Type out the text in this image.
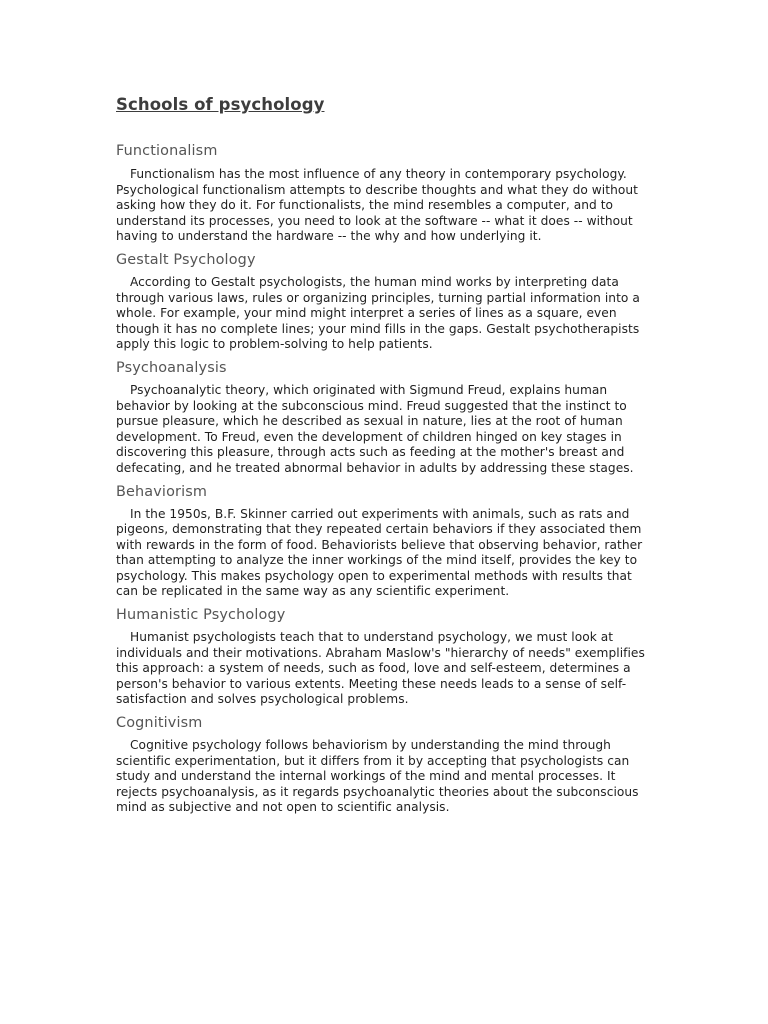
Schools of psychology
Functionalism

Functionalism has the most influence of any theory in contemporary psychology. Psychological functionalism attempts to describe thoughts and what they do without asking how they do it. For functionalists, the mind resembles a computer, and to understand its processes, you need to look at the software -- what it does -- without having to understand the hardware -- the why and how underlying it.

Gestalt Psychology

According to Gestalt psychologists, the human mind works by interpreting data through various laws, rules or organizing principles, turning partial information into a whole. For example, your mind might interpret a series of lines as a square, even though it has no complete lines; your mind fills in the gaps. Gestalt psychotherapists apply this logic to problem-solving to help patients.

Psychoanalysis

Psychoanalytic theory, which originated with Sigmund Freud, explains human behavior by looking at the subconscious mind. Freud suggested that the instinct to pursue pleasure, which he described as sexual in nature, lies at the root of human development. To Freud, even the development of children hinged on key stages in discovering this pleasure, through acts such as feeding at the mother's breast and defecating, and he treated abnormal behavior in adults by addressing these stages.

Behaviorism

In the 1950s, B.F. Skinner carried out experiments with animals, such as rats and pigeons, demonstrating that they repeated certain behaviors if they associated them with rewards in the form of food. Behaviorists believe that observing behavior, rather than attempting to analyze the inner workings of the mind itself, provides the key to psychology. This makes psychology open to experimental methods with results that can be replicated in the same way as any scientific experiment.

Humanistic Psychology

Humanist psychologists teach that to understand psychology, we must look at individuals and their motivations. Abraham Maslow's "hierarchy of needs" exemplifies this approach: a system of needs, such as food, love and self-esteem, determines a person's behavior to various extents. Meeting these needs leads to a sense of self-satisfaction and solves psychological problems.

Cognitivism

Cognitive psychology follows behaviorism by understanding the mind through scientific experimentation, but it differs from it by accepting that psychologists can study and understand the internal workings of the mind and mental processes. It rejects psychoanalysis, as it regards psychoanalytic theories about the subconscious mind as subjective and not open to scientific analysis.
